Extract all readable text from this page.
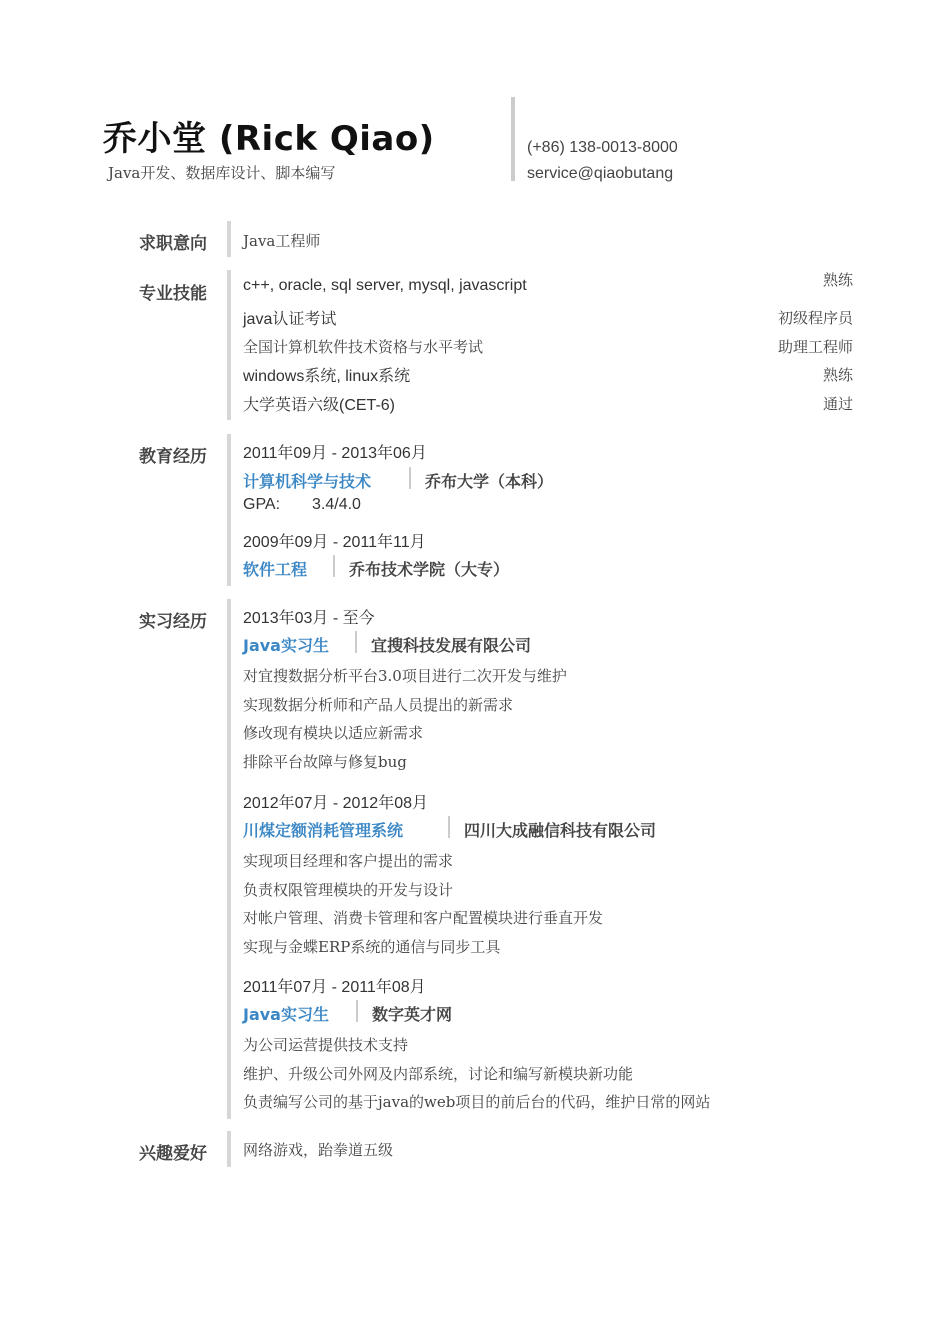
乔小堂 (Rick Qiao)
Java开发、数据库设计、脚本编写
(+86) 138-0013-8000
service@qiaobutang
求职意向	Java工程师
专业技能	c++, oracle, sql server, mysql, javascript	熟练
java认证考试	初级程序员
全国计算机软件技术资格与水平考试	助理工程师
windows系统, linux系统	熟练
大学英语六级(CET-6)	通过
教育经历	2011年09月 - 2013年06月
计算机科学与技术	乔布大学（本科）
GPA: 3.4/4.0
2009年09月 - 2011年11月
软件工程	乔布技术学院（大专）
实习经历	2013年03月 - 至今
Java实习生	宜搜科技发展有限公司
对宜搜数据分析平台3.0项目进行二次开发与维护
实现数据分析师和产品人员提出的新需求
修改现有模块以适应新需求
排除平台故障与修复bug
2012年07月 - 2012年08月
川煤定额消耗管理系统	四川大成融信科技有限公司
实现项目经理和客户提出的需求
负责权限管理模块的开发与设计
对帐户管理、消费卡管理和客户配置模块进行垂直开发
实现与金蝶ERP系统的通信与同步工具
2011年07月 - 2011年08月
Java实习生	数字英才网
为公司运营提供技术支持
维护、升级公司外网及内部系统，讨论和编写新模块新功能
负责编写公司的基于java的web项目的前后台的代码，维护日常的网站
兴趣爱好	网络游戏，跆拳道五级
